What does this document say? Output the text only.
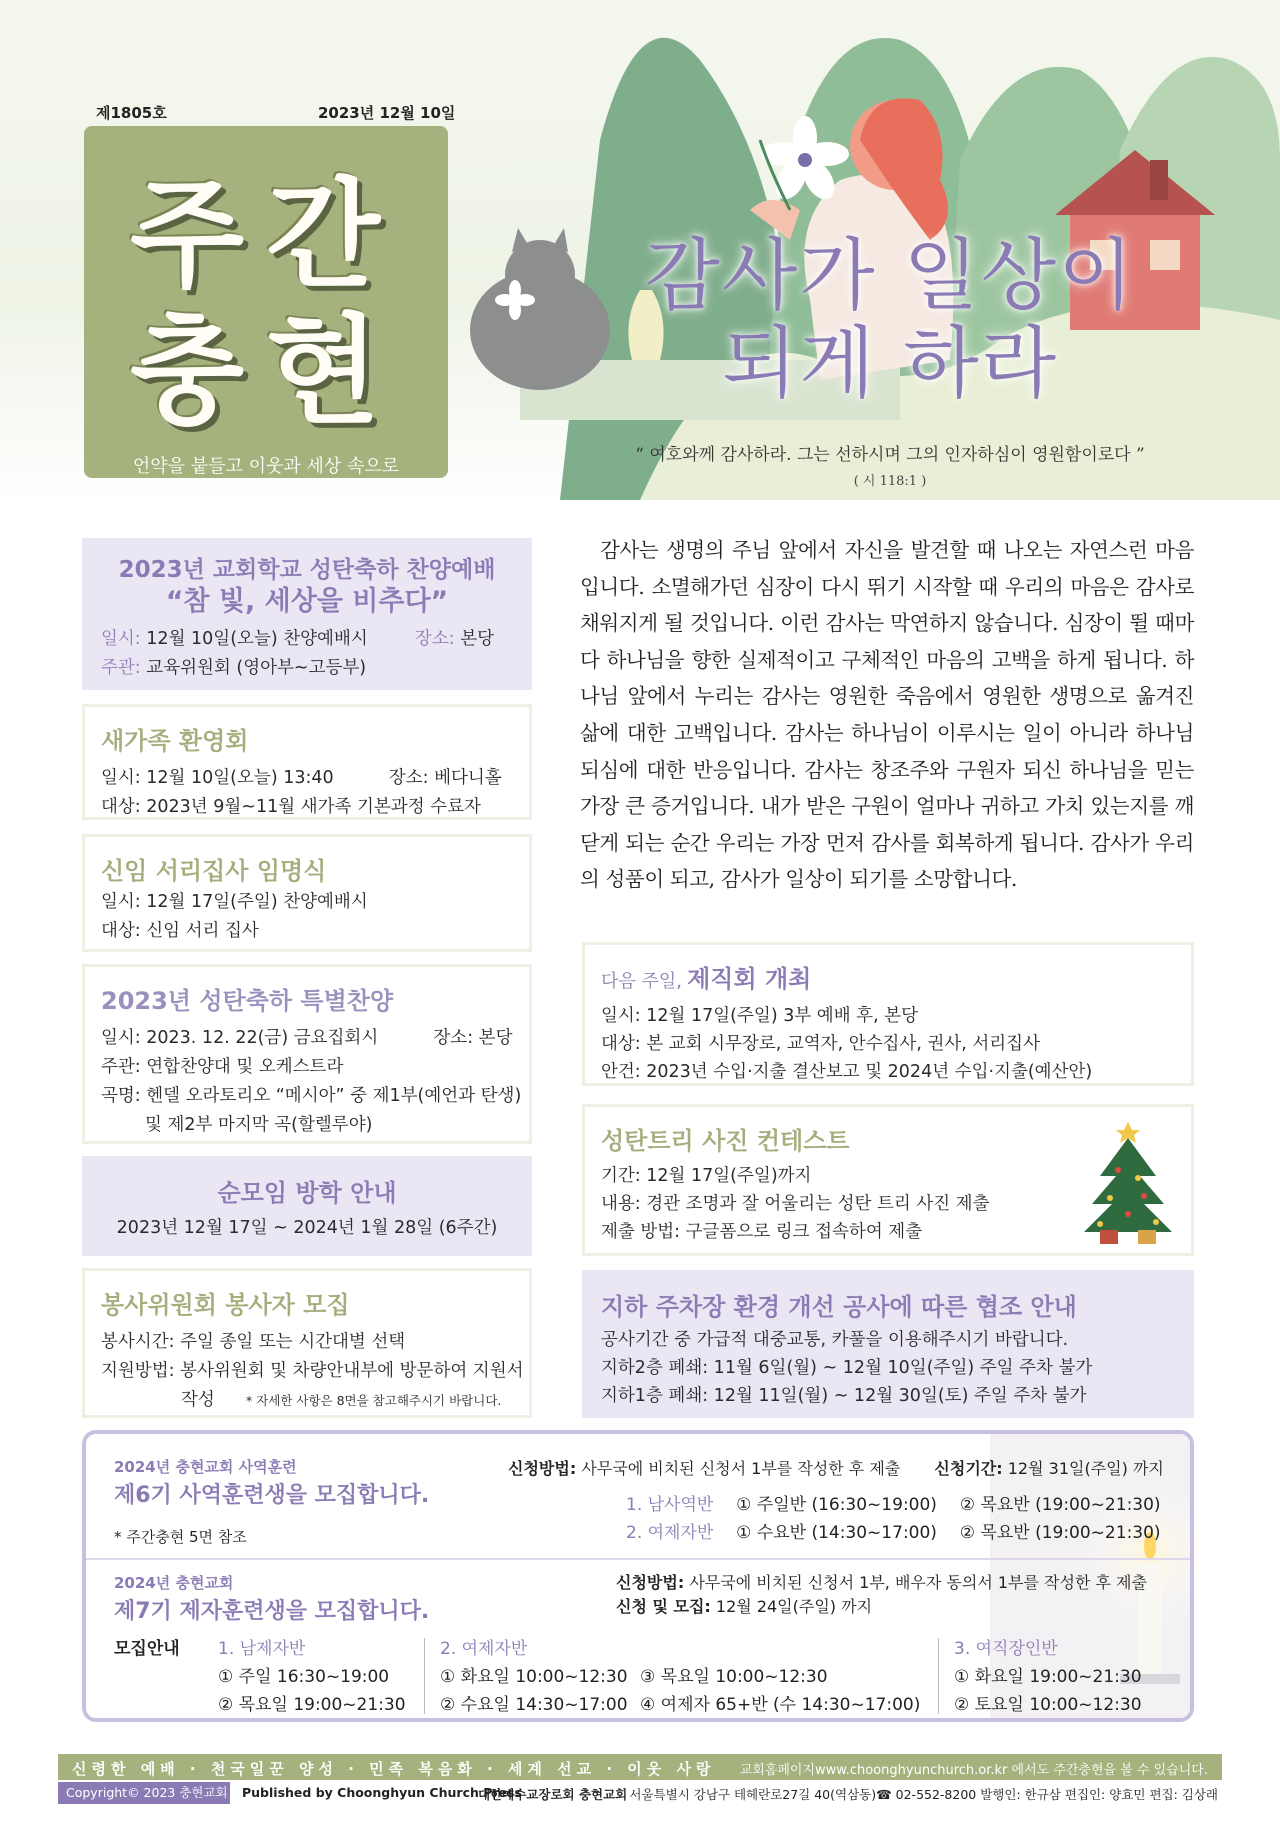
제1805호	2023년 12월 10일
주간
충현
언약을 붙들고 이웃과 세상 속으로
감사가 일상이
되게 하라
“ 여호와께 감사하라. 그는 선하시며 그의 인자하심이 영원함이로다 ”
( 시 118:1 )
2023년 교회학교 성탄축하 찬양예배
“참 빛, 세상을 비추다”
일시: 12월 10일(오늘) 찬양예배시	장소: 본당
주관: 교육위원회 (영아부~고등부)
새가족 환영회
일시: 12월 10일(오늘) 13:40	장소: 베다니홀
대상: 2023년 9월~11월 새가족 기본과정 수료자
신임 서리집사 임명식
일시: 12월 17일(주일) 찬양예배시
대상: 신임 서리 집사
2023년 성탄축하 특별찬양
일시: 2023. 12. 22(금) 금요집회시	장소: 본당
주관: 연합찬양대 및 오케스트라
곡명: 헨델 오라토리오 “메시아” 중 제1부(예언과 탄생)
및 제2부 마지막 곡(할렐루야)
순모임 방학 안내
2023년 12월 17일 ~ 2024년 1월 28일 (6주간)
봉사위원회 봉사자 모집
봉사시간: 주일 종일 또는 시간대별 선택
지원방법: 봉사위원회 및 차량안내부에 방문하여 지원서
작성 * 자세한 사항은 8면을 참고해주시기 바랍니다.
감사는 생명의 주님 앞에서 자신을 발견할 때 나오는 자연스런 마음입니다. 소멸해가던 심장이 다시 뛰기 시작할 때 우리의 마음은 감사로 채워지게 될 것입니다. 이런 감사는 막연하지 않습니다. 심장이 뛸 때마다 하나님을 향한 실제적이고 구체적인 마음의 고백을 하게 됩니다. 하나님 앞에서 누리는 감사는 영원한 죽음에서 영원한 생명으로 옮겨진 삶에 대한 고백입니다. 감사는 하나님이 이루시는 일이 아니라 하나님 되심에 대한 반응입니다. 감사는 창조주와 구원자 되신 하나님을 믿는 가장 큰 증거입니다. 내가 받은 구원이 얼마나 귀하고 가치 있는지를 깨닫게 되는 순간 우리는 가장 먼저 감사를 회복하게 됩니다. 감사가 우리의 성품이 되고, 감사가 일상이 되기를 소망합니다.
다음 주일, 제직회 개최
일시: 12월 17일(주일) 3부 예배 후, 본당
대상: 본 교회 시무장로, 교역자, 안수집사, 권사, 서리집사
안건: 2023년 수입·지출 결산보고 및 2024년 수입·지출(예산안)
성탄트리 사진 컨테스트
기간: 12월 17일(주일)까지
내용: 경관 조명과 잘 어울리는 성탄 트리 사진 제출
제출 방법: 구글폼으로 링크 접속하여 제출
지하 주차장 환경 개선 공사에 따른 협조 안내
공사기간 중 가급적 대중교통, 카풀을 이용해주시기 바랍니다.
지하2층 폐쇄: 11월 6일(월) ~ 12월 10일(주일) 주일 주차 불가
지하1층 폐쇄: 12월 11일(월) ~ 12월 30일(토) 주일 주차 불가
2024년 충현교회 사역훈련
제6기 사역훈련생을 모집합니다.
* 주간충현 5면 참조
신청방법: 사무국에 비치된 신청서 1부를 작성한 후 제출 신청기간: 12월 31일(주일) 까지
1. 남사역반 ① 주일반 (16:30~19:00) ② 목요반 (19:00~21:30)
2. 여제자반 ① 수요반 (14:30~17:00) ② 목요반 (19:00~21:30)
2024년 충현교회
제7기 제자훈련생을 모집합니다.
신청방법: 사무국에 비치된 신청서 1부, 배우자 동의서 1부를 작성한 후 제출
신청 및 모집: 12월 24일(주일) 까지
모집안내 1. 남제자반
① 주일 16:30~19:00
② 목요일 19:00~21:30
2. 여제자반
① 화요일 10:00~12:30
② 수요일 14:30~17:00
③ 목요일 10:00~12:30
④ 여제자 65+반 (수 14:30~17:00)
3. 여직장인반
① 화요일 19:00~21:30
② 토요일 10:00~12:30
신령한 예배 · 천국일꾼 양성 · 민족 복음화 · 세계 선교 · 이웃 사랑 교회홈페이지www.choonghyunchurch.or.kr 에서도 주간충현을 볼 수 있습니다.
Copyright© 2023 충현교회 Published by Choonghyun Church Press
대한예수교장로회 충현교회 서울특별시 강남구 테헤란로27길 40(역삼동)☎ 02-552-8200 발행인: 한규삼 편집인: 양효민 편집: 김상래
